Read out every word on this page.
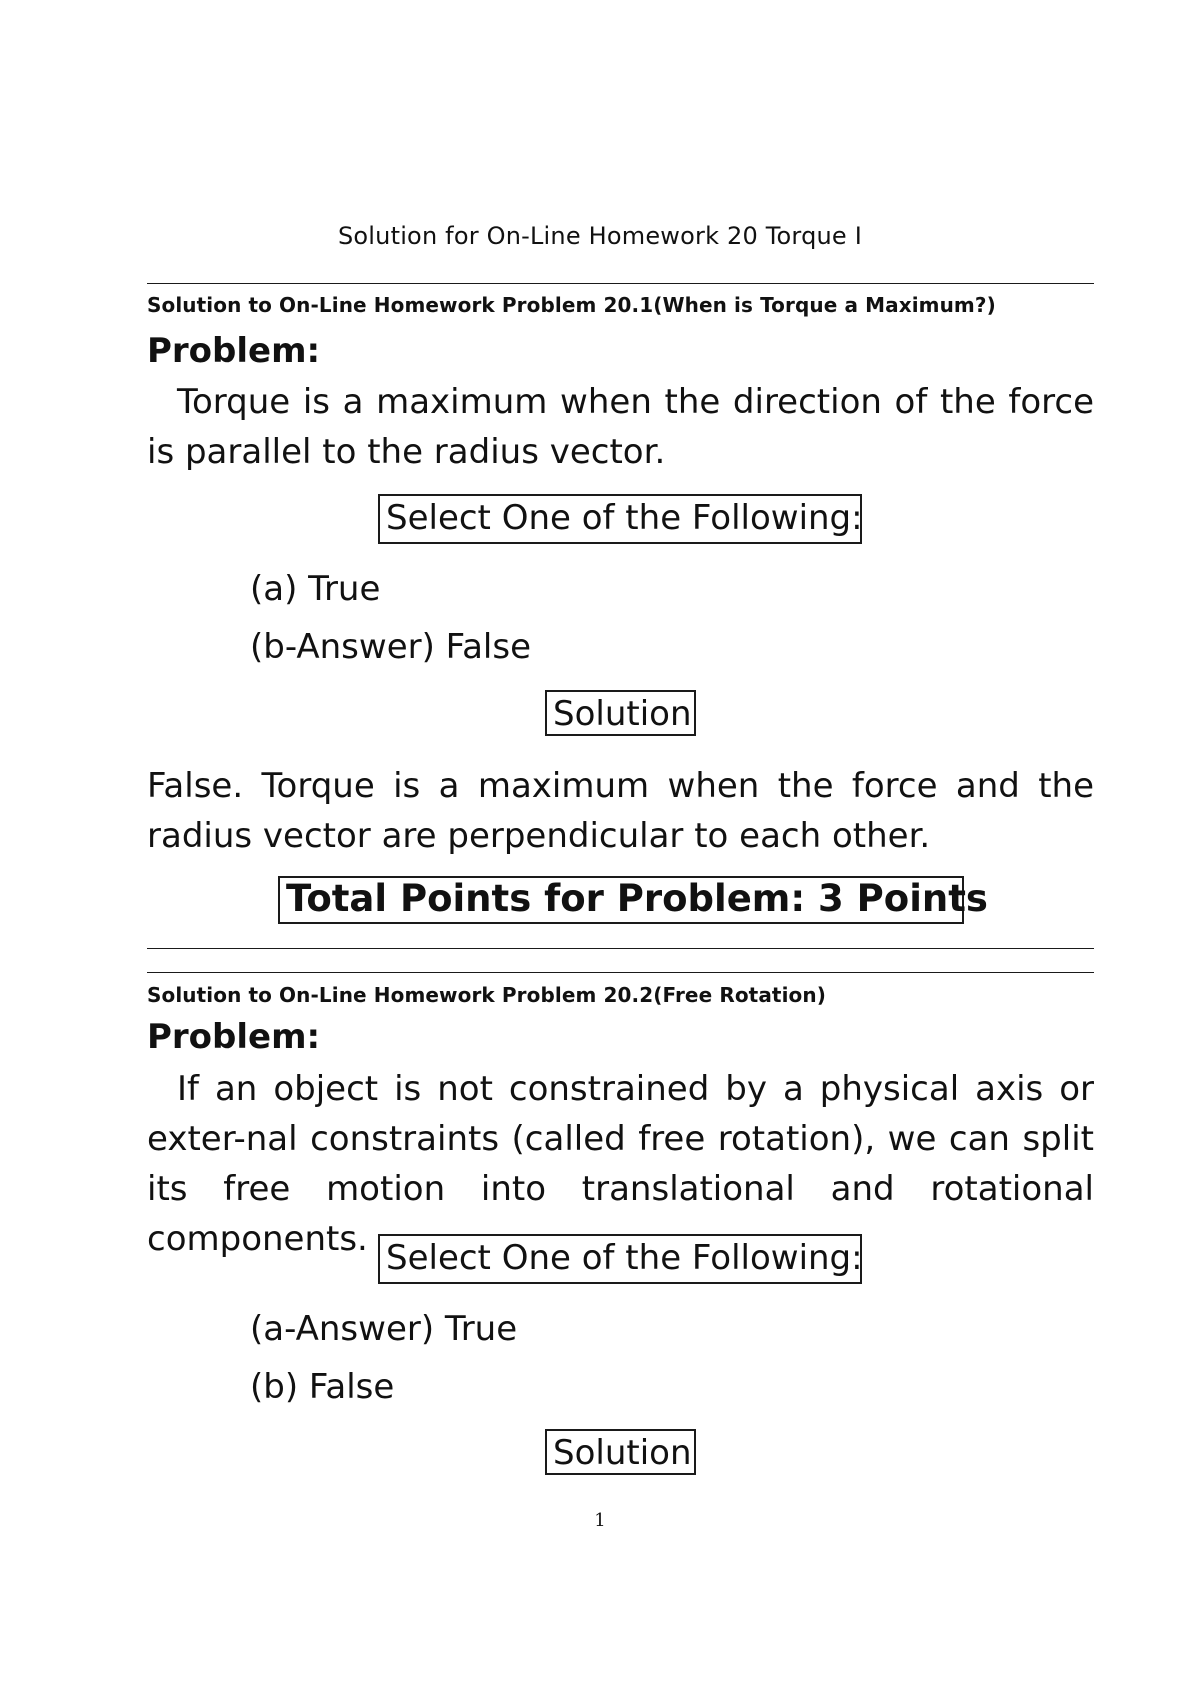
Solution for On-Line Homework 20 Torque I
Solution to On-Line Homework Problem 20.1(When is Torque a Maximum?)
Problem:
Torque is a maximum when the direction of the force is parallel to the radius vector.
Select One of the Following:
(a) True
(b-Answer) False
Solution
False. Torque is a maximum when the force and the radius vector are perpendicular to each other.
Total Points for Problem: 3 Points
Solution to On-Line Homework Problem 20.2(Free Rotation)
Problem:
If an object is not constrained by a physical axis or exter-nal constraints (called free rotation), we can split its free motion into translational and rotational components. Select One of the Following:
(a-Answer) True
(b) False
Solution
1
